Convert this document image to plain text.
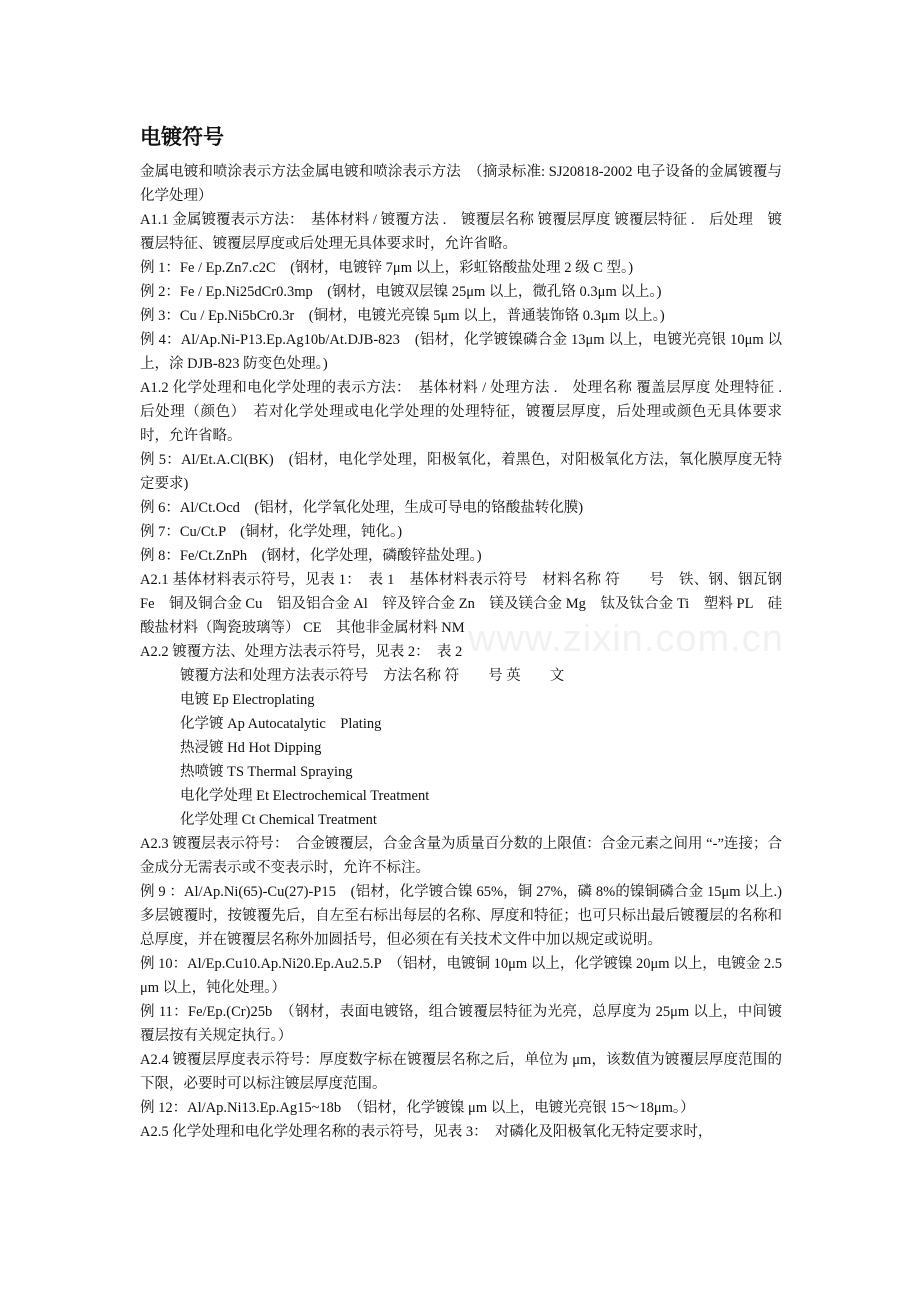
电镀符号

金属电镀和喷涂表示方法金属电镀和喷涂表示方法　（摘录标准: SJ20818-2002 电子设备的金属镀覆与化学处理）

A1.1 金属镀覆表示方法：　基体材料 / 镀覆方法 .　镀覆层名称 镀覆层厚度 镀覆层特征 .　后处理　镀覆层特征、镀覆层厚度或后处理无具体要求时，允许省略。

例 1：Fe / Ep.Zn7.c2C　(钢材，电镀锌 7μm 以上，彩虹铬酸盐处理 2 级 C 型。)

例 2：Fe / Ep.Ni25dCr0.3mp　(钢材，电镀双层镍 25μm 以上，微孔铬 0.3μm 以上。)

例 3：Cu / Ep.Ni5bCr0.3r　(铜材，电镀光亮镍 5μm 以上，普通装饰铬 0.3μm 以上。)

例 4：Al/Ap.Ni-P13.Ep.Ag10b/At.DJB-823　(铝材，化学镀镍磷合金 13μm 以上，电镀光亮银 10μm 以上，涂 DJB-823 防变色处理。)

A1.2 化学处理和电化学处理的表示方法：　基体材料 / 处理方法 .　处理名称 覆盖层厚度 处理特征 .　后处理（颜色）　若对化学处理或电化学处理的处理特征，镀覆层厚度，后处理或颜色无具体要求时，允许省略。

例 5：Al/Et.A.Cl(BK)　(铝材，电化学处理，阳极氧化，着黑色，对阳极氧化方法，氧化膜厚度无特定要求)

例 6：Al/Ct.Ocd　(铝材，化学氧化处理，生成可导电的铬酸盐转化膜)

例 7：Cu/Ct.P　(铜材，化学处理，钝化。)

例 8：Fe/Ct.ZnPh　(钢材，化学处理，磷酸锌盐处理。)

A2.1 基体材料表示符号，见表 1：　表 1　基体材料表示符号　材料名称 符　　号　铁、钢、铟瓦钢 Fe　铜及铜合金 Cu　铝及铝合金 Al　锌及锌合金 Zn　镁及镁合金 Mg　钛及钛合金 Ti　塑料 PL　硅酸盐材料（陶瓷玻璃等） CE　其他非金属材料 NM

A2.2 镀覆方法、处理方法表示符号，见表 2：　表 2

镀覆方法和处理方法表示符号　方法名称 符　　号 英　　文

电镀 Ep Electroplating

化学镀 Ap Autocatalytic　Plating

热浸镀 Hd Hot Dipping

热喷镀 TS Thermal Spraying

电化学处理 Et Electrochemical Treatment

化学处理 Ct Chemical Treatment

A2.3 镀覆层表示符号：　合金镀覆层，合金含量为质量百分数的上限值：合金元素之间用 “-”连接；合金成分无需表示或不变表示时，允许不标注。

例 9 ：Al/Ap.Ni(65)-Cu(27)-P15　(铝材，化学镀合镍 65%，铜 27%，磷 8%的镍铜磷合金 15μm 以上.)　多层镀覆时，按镀覆先后，自左至右标出每层的名称、厚度和特征；也可只标出最后镀覆层的名称和总厚度，并在镀覆层名称外加圆括号，但必须在有关技术文件中加以规定或说明。

例 10：Al/Ep.Cu10.Ap.Ni20.Ep.Au2.5.P　（铝材，电镀铜 10μm 以上，化学镀镍 20μm 以上，电镀金 2.5μm 以上，钝化处理。）

例 11：Fe/Ep.(Cr)25b　（钢材，表面电镀铬，组合镀覆层特征为光亮，总厚度为 25μm 以上，中间镀覆层按有关规定执行。）

A2.4 镀覆层厚度表示符号：厚度数字标在镀覆层名称之后，单位为 μm，该数值为镀覆层厚度范围的下限，必要时可以标注镀层厚度范围。

例 12：Al/Ap.Ni13.Ep.Ag15~18b　（铝材，化学镀镍 μm 以上，电镀光亮银 15～18μm。）

A2.5 化学处理和电化学处理名称的表示符号，见表 3：　对磷化及阳极氧化无特定要求时，

www.zixin.com.cn
